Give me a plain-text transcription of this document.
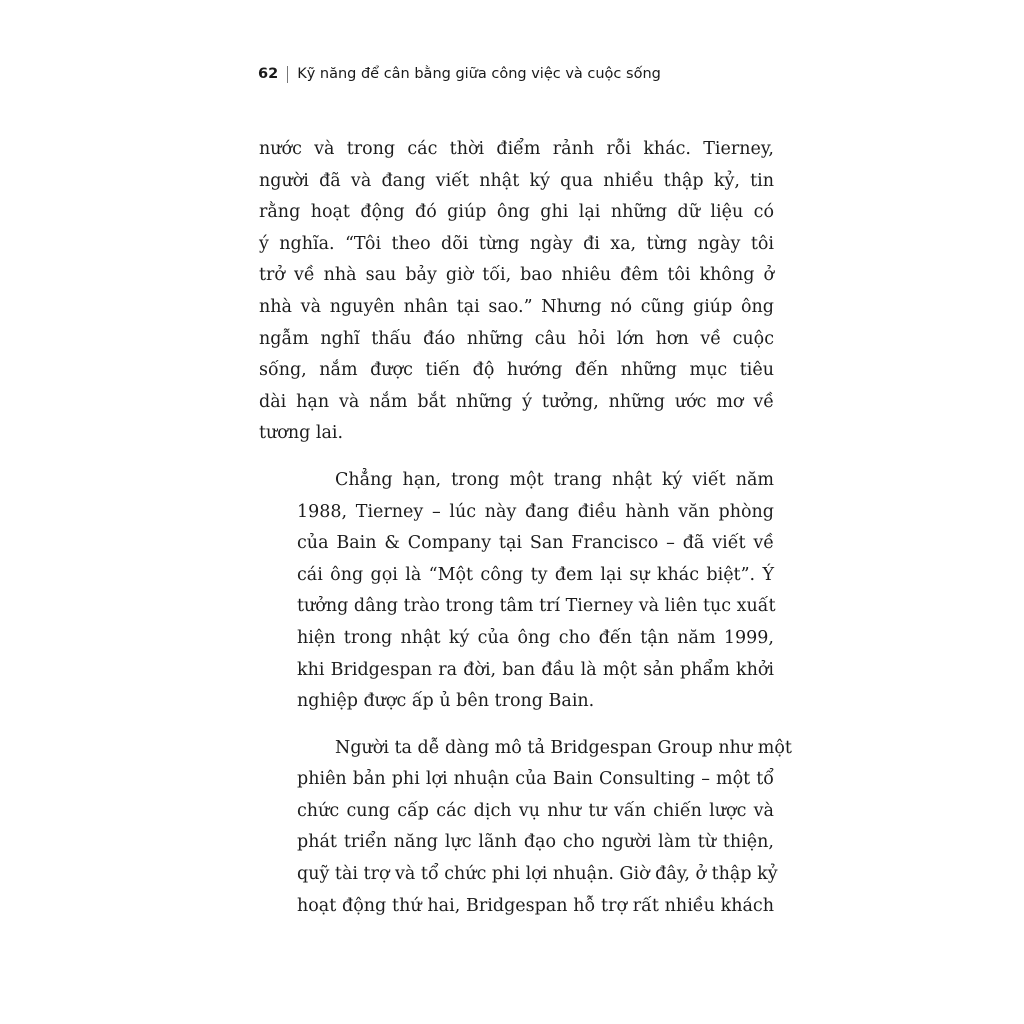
62 Kỹ năng để cân bằng giữa công việc và cuộc sống

nước và trong các thời điểm rảnh rỗi khác. Tierney,
người đã và đang viết nhật ký qua nhiều thập kỷ, tin
rằng hoạt động đó giúp ông ghi lại những dữ liệu có
ý nghĩa. “Tôi theo dõi từng ngày đi xa, từng ngày tôi
trở về nhà sau bảy giờ tối, bao nhiêu đêm tôi không ở
nhà và nguyên nhân tại sao.” Nhưng nó cũng giúp ông
ngẫm nghĩ thấu đáo những câu hỏi lớn hơn về cuộc
sống, nắm được tiến độ hướng đến những mục tiêu
dài hạn và nắm bắt những ý tưởng, những ước mơ về
tương lai.

Chẳng hạn, trong một trang nhật ký viết năm
1988, Tierney – lúc này đang điều hành văn phòng
của Bain & Company tại San Francisco – đã viết về
cái ông gọi là “Một công ty đem lại sự khác biệt”. Ý
tưởng dâng trào trong tâm trí Tierney và liên tục xuất
hiện trong nhật ký của ông cho đến tận năm 1999,
khi Bridgespan ra đời, ban đầu là một sản phẩm khởi
nghiệp được ấp ủ bên trong Bain.

Người ta dễ dàng mô tả Bridgespan Group như một
phiên bản phi lợi nhuận của Bain Consulting – một tổ
chức cung cấp các dịch vụ như tư vấn chiến lược và
phát triển năng lực lãnh đạo cho người làm từ thiện,
quỹ tài trợ và tổ chức phi lợi nhuận. Giờ đây, ở thập kỷ
hoạt động thứ hai, Bridgespan hỗ trợ rất nhiều khách
